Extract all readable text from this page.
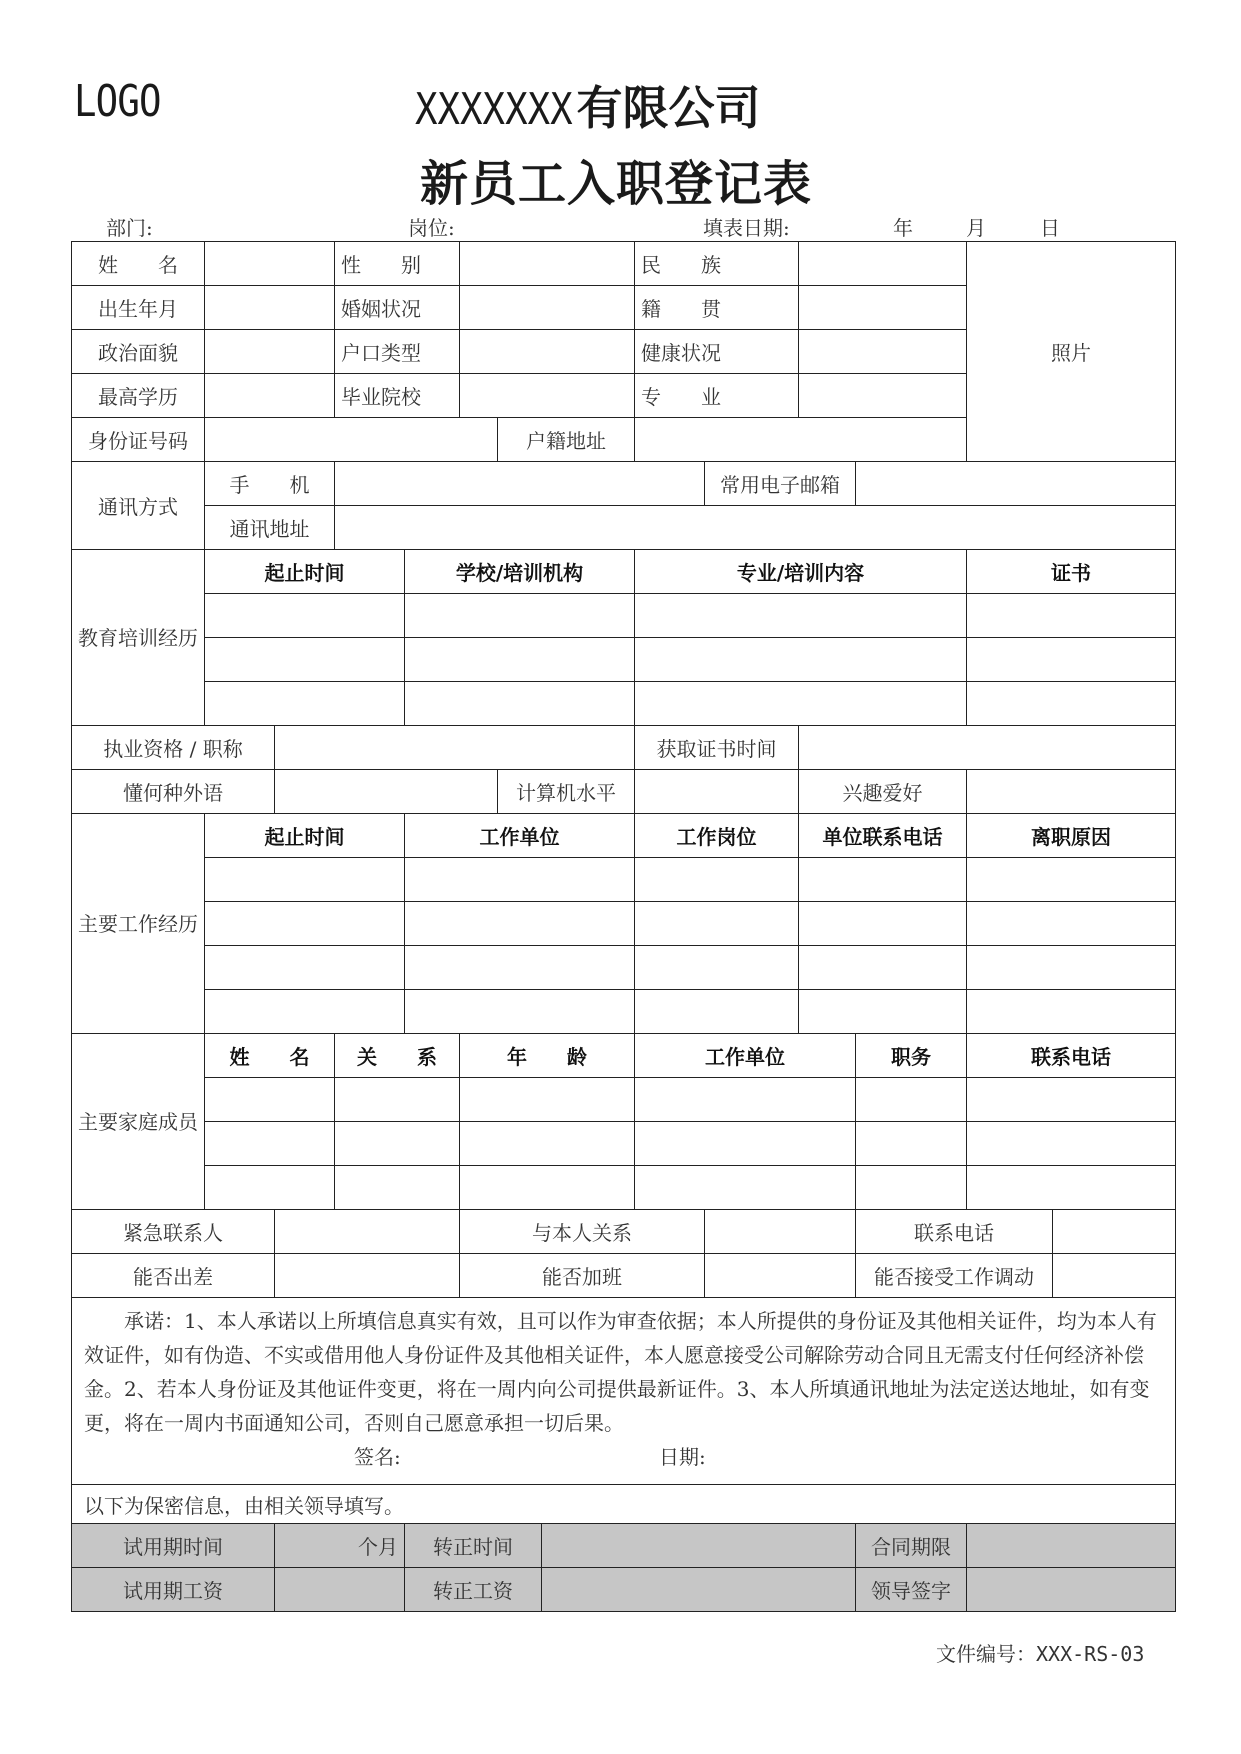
LOGO	XXXXXXX 有限公司
新员工入职登记表
部门:	岗位:	填表日期:	年	月	日
姓　　名			性　　别					民　　族				照片	
出生年月			婚姻状况					籍　　贯					
政治面貌			户口类型					健康状况					
最高学历			毕业院校					专　　业					
身份证号码						户籍地址							
通讯方式	手　　机								常用电子邮箱				
	通讯地址												
教育培训经历	起止时间			学校/培训机构				专业/培训内容				证书	

执业资格 / 职称								获取证书时间					
懂何种外语						计算机水平				兴趣爱好			
主要工作经历	起止时间			工作单位				工作岗位		单位联系电话		离职原因	

主要家庭成员	姓　　名		关　　系		年　　龄			工作单位			职务	联系电话	

紧急联系人					与本人关系						联系电话		
能否出差					能否加班						能否接受工作调动		
　　承诺：1、本人承诺以上所填信息真实有效，且可以作为审查依据；本人所提供的身份证及其他相关证件，均为本人有效证件，如有伪造、不实或借用他人身份证件及其他相关证件，本人愿意接受公司解除劳动合同且无需支付任何经济补偿金。2、若本人身份证及其他证件变更，将在一周内向公司提供最新证件。3、本人所填通讯地址为法定送达地址，如有变更，将在一周内书面通知公司，否则自己愿意承担一切后果。
签名: 日期:													

以下为保密信息，由相关领导填写。													
试用期时间		个月		转正时间							合同期限		
试用期工资				转正工资							领导签字		
文件编号：XXX-RS-03
